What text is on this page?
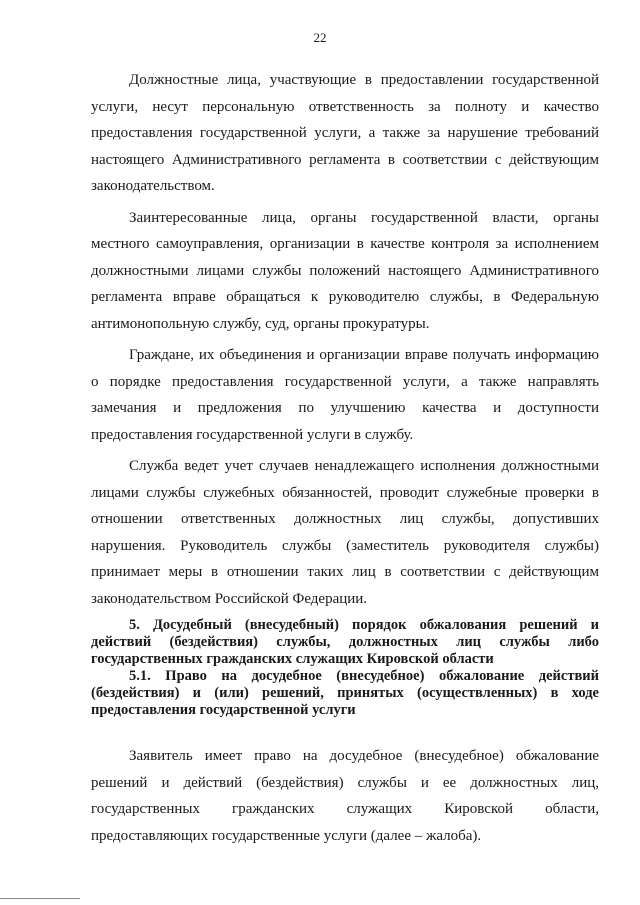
22

Должностные лица, участвующие в предоставлении государственной услуги, несут персональную ответственность за полноту и качество предоставления государственной услуги, а также за нарушение требований настоящего Административного регламента в соответствии с действующим законодательством.

Заинтересованные лица, органы государственной власти, органы местного самоуправления, организации в качестве контроля за исполнением должностными лицами службы положений настоящего Административного регламента вправе обращаться к руководителю службы, в Федеральную антимонопольную службу, суд, органы прокуратуры.

Граждане, их объединения и организации вправе получать информацию о порядке предоставления государственной услуги, а также направлять замечания и предложения по улучшению качества и доступности предоставления государственной услуги в службу.

Служба ведет учет случаев ненадлежащего исполнения должностными лицами службы служебных обязанностей, проводит служебные проверки в отношении ответственных должностных лиц службы, допустивших нарушения. Руководитель службы (заместитель руководителя службы) принимает меры в отношении таких лиц в соответствии с действующим законодательством Российской Федерации.

5. Досудебный (внесудебный) порядок обжалования решений и действий (бездействия) службы, должностных лиц службы либо государственных гражданских служащих Кировской области
5.1. Право на досудебное (внесудебное) обжалование действий (бездействия) и (или) решений, принятых (осуществленных) в ходе предоставления государственной услуги

Заявитель имеет право на досудебное (внесудебное) обжалование решений и действий (бездействия) службы и ее должностных лиц, государственных гражданских служащих Кировской области, предоставляющих государственные услуги (далее – жалоба).
